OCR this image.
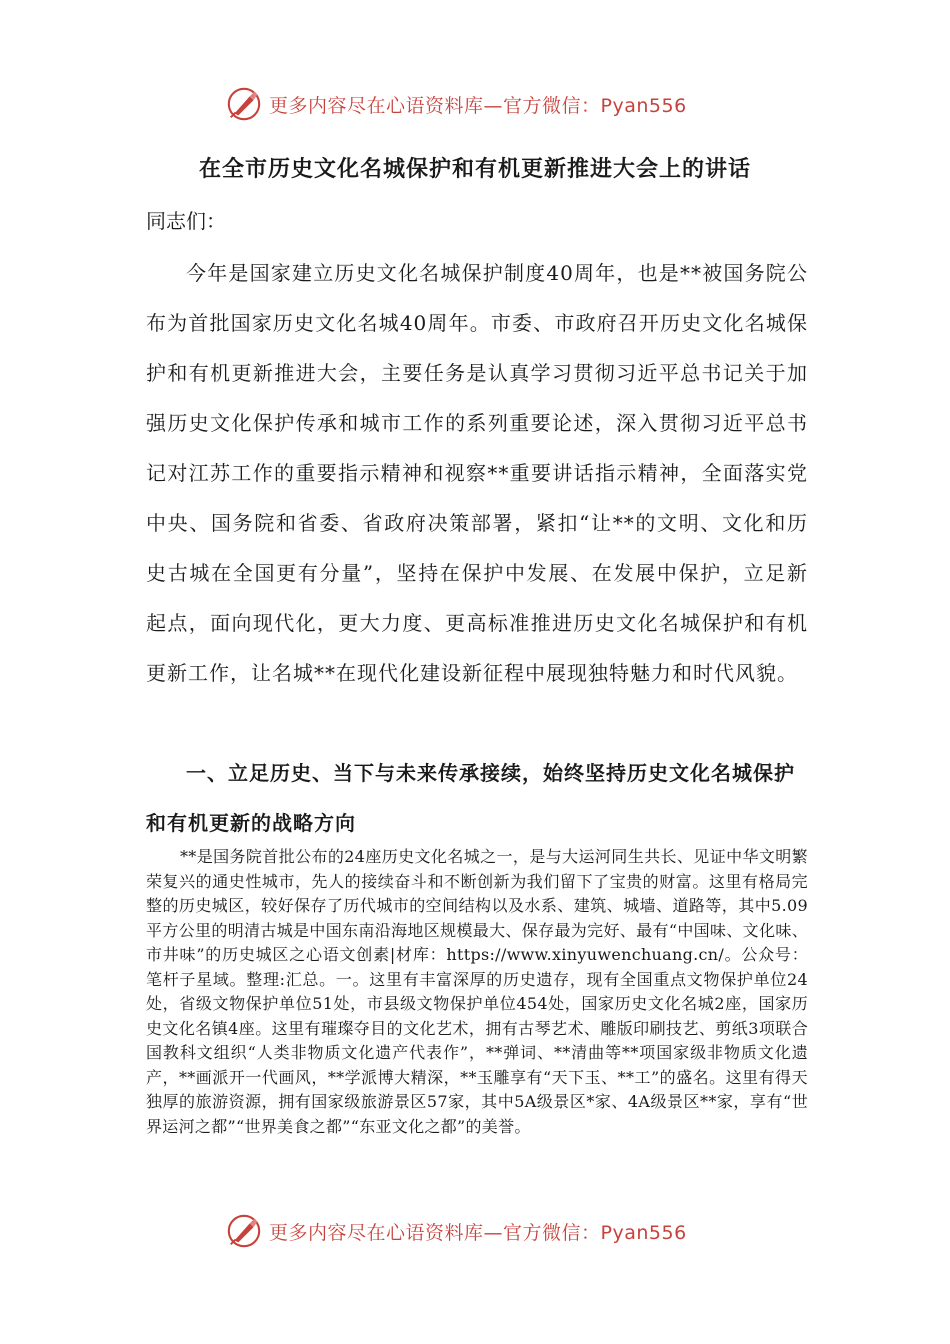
更多内容尽在心语资料库—官方微信：Pyan556
在全市历史文化名城保护和有机更新推进大会上的讲话

同志们：

今年是国家建立历史文化名城保护制度40周年，也是**被国务院公布为首批国家历史文化名城40周年。市委、市政府召开历史文化名城保护和有机更新推进大会，主要任务是认真学习贯彻习近平总书记关于加强历史文化保护传承和城市工作的系列重要论述，深入贯彻习近平总书记对江苏工作的重要指示精神和视察**重要讲话指示精神，全面落实党中央、国务院和省委、省政府决策部署，紧扣“让**的文明、文化和历史古城在全国更有分量”，坚持在保护中发展、在发展中保护，立足新起点，面向现代化，更大力度、更高标准推进历史文化名城保护和有机更新工作，让名城**在现代化建设新征程中展现独特魅力和时代风貌。

一、立足历史、当下与未来传承接续，始终坚持历史文化名城保护和有机更新的战略方向

**是国务院首批公布的24座历史文化名城之一，是与大运河同生共长、见证中华文明繁荣复兴的通史性城市，先人的接续奋斗和不断创新为我们留下了宝贵的财富。这里有格局完整的历史城区，较好保存了历代城市的空间结构以及水系、建筑、城墙、道路等，其中5.09平方公里的明清古城是中国东南沿海地区规模最大、保存最为完好、最有“中国味、文化味、市井味”的历史城区之心语文创素|材库：https://www.xinyuwenchuang.cn/。公众号：笔杆子星域。整理:汇总。一。这里有丰富深厚的历史遗存，现有全国重点文物保护单位24处，省级文物保护单位51处，市县级文物保护单位454处，国家历史文化名城2座，国家历史文化名镇4座。这里有璀璨夺目的文化艺术，拥有古琴艺术、雕版印刷技艺、剪纸3项联合国教科文组织“人类非物质文化遗产代表作”，**弹词、**清曲等**项国家级非物质文化遗产，**画派开一代画风，**学派博大精深，**玉雕享有“天下玉、**工”的盛名。这里有得天独厚的旅游资源，拥有国家级旅游景区57家，其中5A级景区*家、4A级景区**家，享有“世界运河之都”“世界美食之都”“东亚文化之都”的美誉。

更多内容尽在心语资料库—官方微信：Pyan556
